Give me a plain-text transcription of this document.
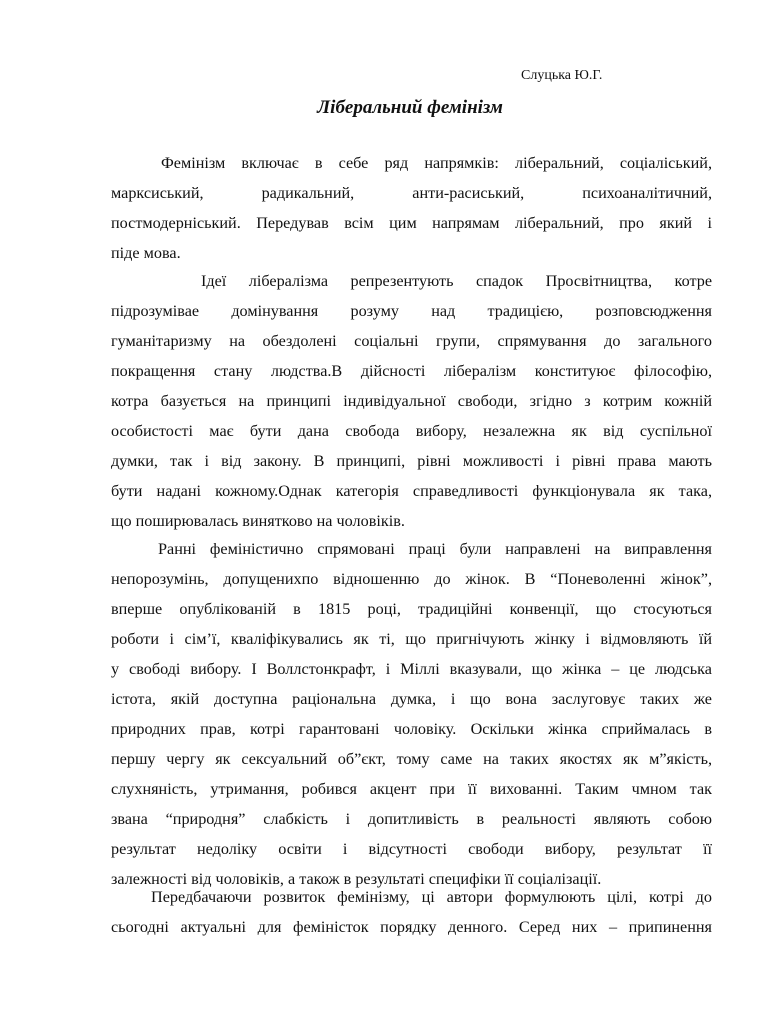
Слуцька Ю.Г.
Ліберальний фемінізм
Фемінізм включає в себе ряд напрямків: ліберальний, соціаліський,
марксиський, радикальний, анти-расиський, психоаналітичний,
постмодерніський. Передував всім цим напрямам ліберальний, про який і
піде мова.
Ідеї лібералізма репрезентують спадок Просвітництва, котре
підрозумівае домінування розуму над традицією, розповсюдження
гуманітаризму на обездолені соціальні групи, спрямування до загального
покращення стану людства.В дійсності лібералізм конституює філософію,
котра базується на принципі індивідуальної свободи, згідно з котрим кожній
особистості має бути дана свобода вибору, незалежна як від суспільної
думки, так і від закону. В принципі, рівні можливості і рівні права мають
бути надані кожному.Однак категорія справедливості функціонувала як така,
що поширювалась винятково на чоловіків.
Ранні феміністично спрямовані праці були направлені на виправлення
непорозумінь, допущенихпо відношенню до жінок. В “Поневоленні жінок”,
вперше опублікованій в 1815 році, традиційні конвенції, що стосуються
роботи і сім’ї, кваліфікувались як ті, що пригнічують жінку і відмовляють їй
у свободі вибору. І Воллстонкрафт, і Міллі вказували, що жінка – це людська
істота, якій доступна раціональна думка, і що вона заслуговує таких же
природних прав, котрі гарантовані чоловіку. Оскільки жінка сприймалась в
першу чергу як сексуальний об”єкт, тому саме на таких якостях як м”якість,
слухняність, утримання, робився акцент при її вихованні. Таким чмном так
звана “природня” слабкість і допитливість в реальності являють собою
результат недоліку освіти і відсутності свободи вибору, результат її
залежності від чоловіків, а також в результаті специфіки її соціалізації.
Передбачаючи розвиток фемінізму, ці автори формулюють цілі, котрі до
сьогодні актуальні для феміністок порядку денного. Серед них – припинення
